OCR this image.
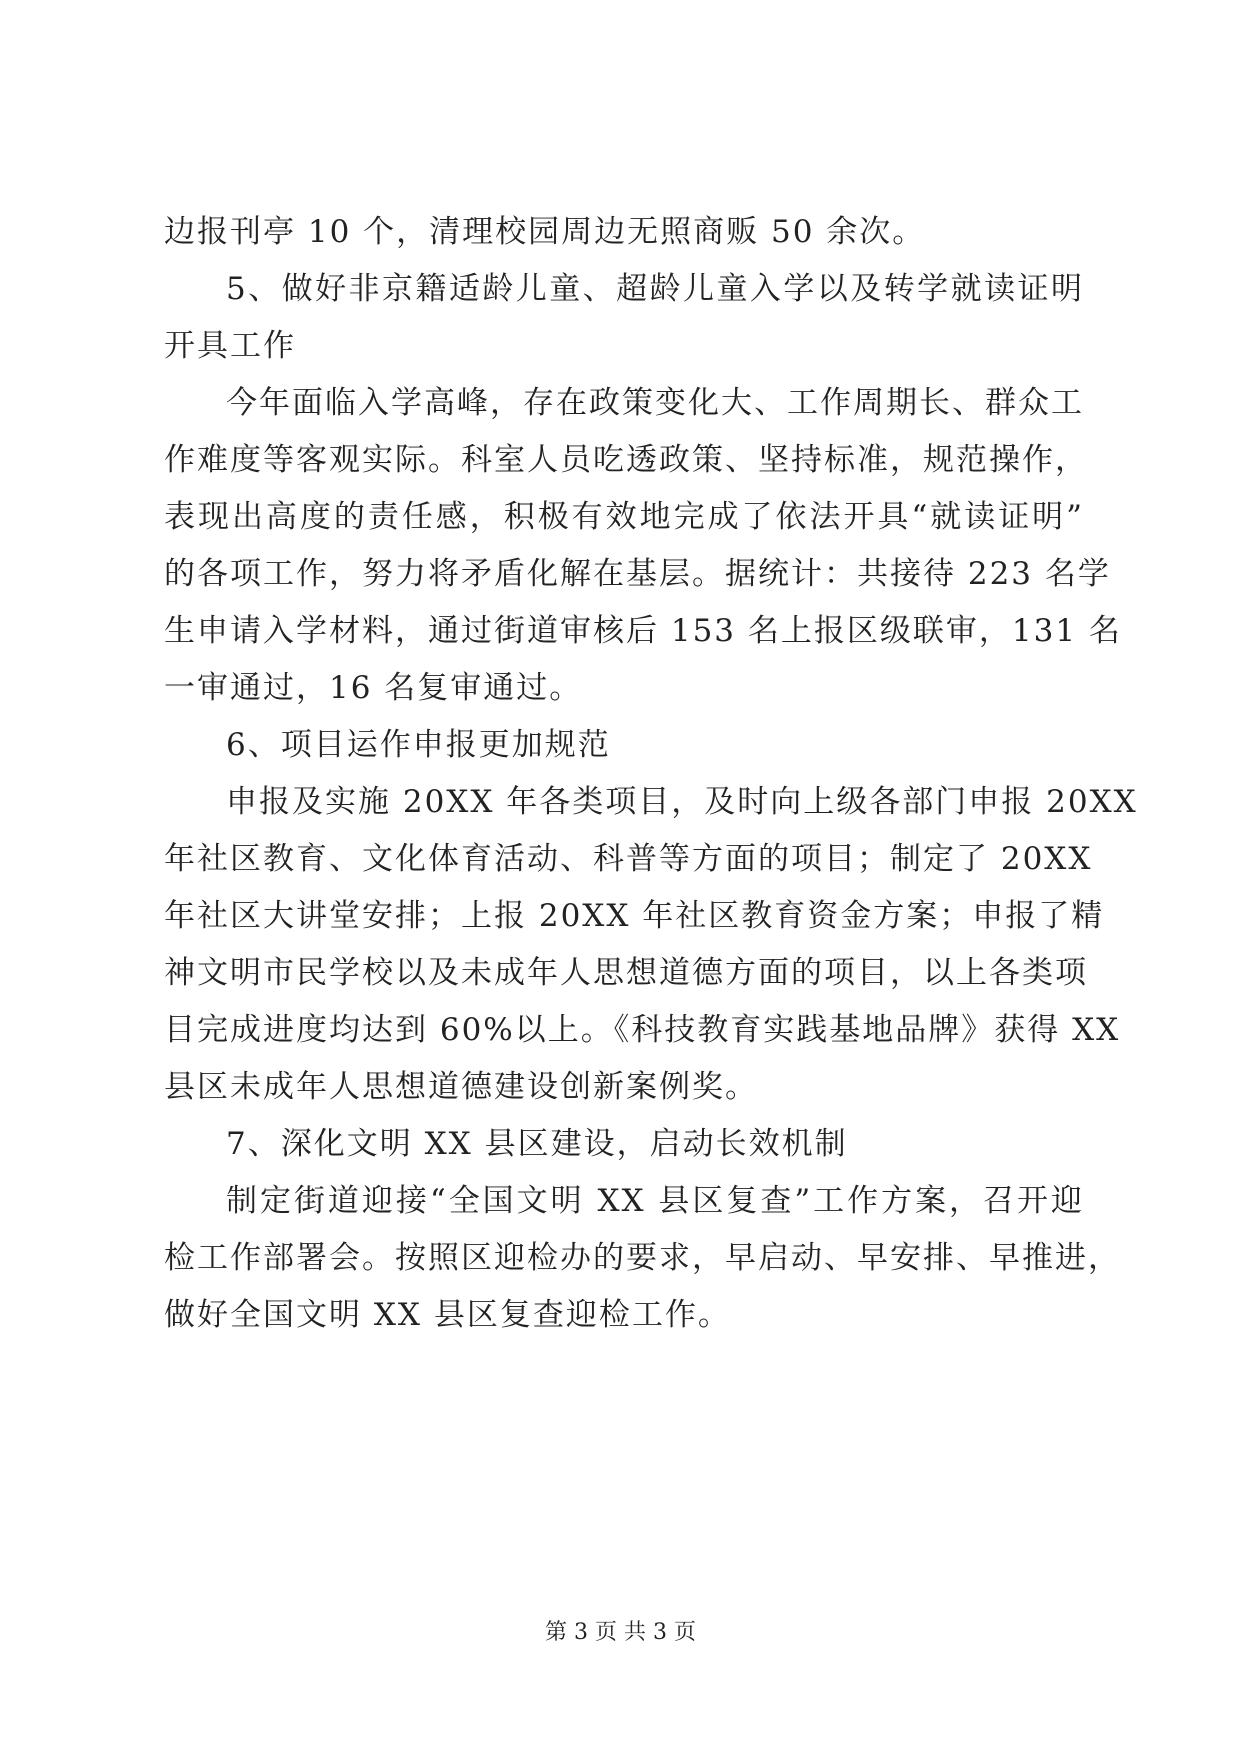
边报刊亭 10 个，清理校园周边无照商贩 50 余次。
5、做好非京籍适龄儿童、超龄儿童入学以及转学就读证明
开具工作
今年面临入学高峰，存在政策变化大、工作周期长、群众工
作难度等客观实际。科室人员吃透政策、坚持标准，规范操作，
表现出高度的责任感，积极有效地完成了依法开具“就读证明”
的各项工作，努力将矛盾化解在基层。据统计：共接待 223 名学
生申请入学材料，通过街道审核后 153 名上报区级联审，131 名
一审通过，16 名复审通过。
6、项目运作申报更加规范
申报及实施 20XX 年各类项目，及时向上级各部门申报 20XX
年社区教育、文化体育活动、科普等方面的项目；制定了 20XX
年社区大讲堂安排；上报 20XX 年社区教育资金方案；申报了精
神文明市民学校以及未成年人思想道德方面的项目，以上各类项
目完成进度均达到 60%以上。《科技教育实践基地品牌》获得 XX
县区未成年人思想道德建设创新案例奖。
7、深化文明 XX 县区建设，启动长效机制
制定街道迎接“全国文明 XX 县区复查”工作方案，召开迎
检工作部署会。按照区迎检办的要求，早启动、早安排、早推进，
做好全国文明 XX 县区复查迎检工作。
第 3 页 共 3 页
